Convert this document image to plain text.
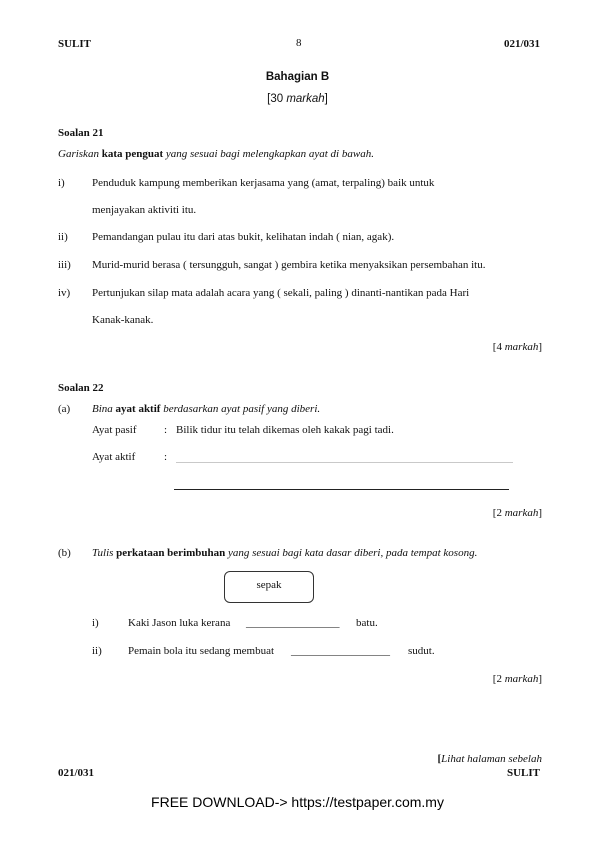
SULIT	8	021/031
Bahagian B
[30 markah]
Soalan 21
Gariskan kata penguat yang sesuai bagi melengkapkan ayat di bawah.
i) Penduduk kampung memberikan kerjasama yang (amat, terpaling) baik untuk
menjayakan aktiviti itu.
ii) Pemandangan pulau itu dari atas bukit, kelihatan indah ( nian, agak).
iii) Murid-murid berasa ( tersungguh, sangat ) gembira ketika menyaksikan persembahan itu.
iv) Pertunjukan silap mata adalah acara yang ( sekali, paling ) dinanti-nantikan pada Hari
Kanak-kanak.
[4 markah]
Soalan 22
(a) Bina ayat aktif berdasarkan ayat pasif yang diberi.
Ayat pasif : Bilik tidur itu telah dikemas oleh kakak pagi tadi.
Ayat aktif	:
[2 markah]
(b) Tulis perkataan berimbuhan yang sesuai bagi kata dasar diberi, pada tempat kosong.
sepak
i)	Kaki Jason luka kerana _________________ batu.
ii) Pemain bola itu sedang membuat __________________ sudut.
[2 markah]
[Lihat halaman sebelah
021/031	SULIT
FREE DOWNLOAD-> https://testpaper.com.my
